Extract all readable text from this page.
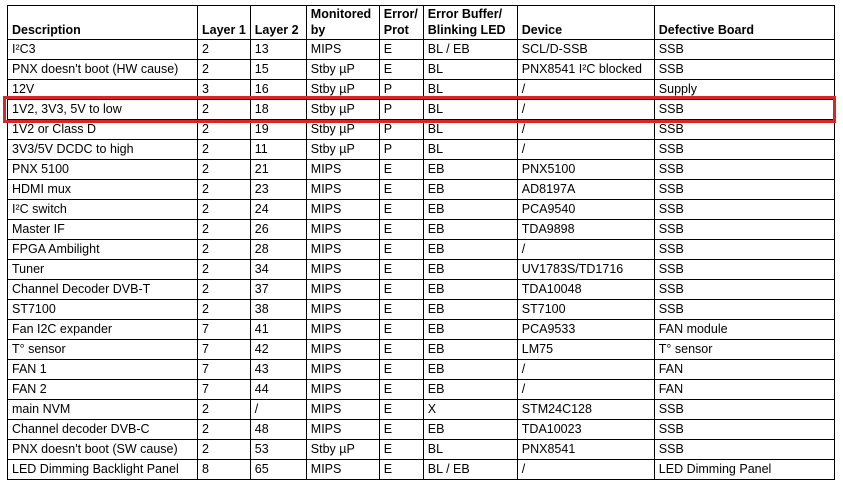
Description	Layer 1	Layer 2	Monitored by	Error/ Prot	Error Buffer/ Blinking LED	Device	Defective Board
I²C3	2	13	MIPS	E	BL / EB	SCL/D-SSB	SSB
PNX doesn't boot (HW cause)	2	15	Stby µP	E	BL	PNX8541 I²C blocked	SSB
12V	3	16	Stby µP	P	BL	/	Supply
1V2, 3V3, 5V to low	2	18	Stby µP	P	BL	/	SSB
1V2 or Class D	2	19	Stby µP	P	BL	/	SSB
3V3/5V DCDC to high	2	11	Stby µP	P	BL	/	SSB
PNX 5100	2	21	MIPS	E	EB	PNX5100	SSB
HDMI mux	2	23	MIPS	E	EB	AD8197A	SSB
I²C switch	2	24	MIPS	E	EB	PCA9540	SSB
Master IF	2	26	MIPS	E	EB	TDA9898	SSB
FPGA Ambilight	2	28	MIPS	E	EB	/	SSB
Tuner	2	34	MIPS	E	EB	UV1783S/TD1716	SSB
Channel Decoder DVB-T	2	37	MIPS	E	EB	TDA10048	SSB
ST7100	2	38	MIPS	E	EB	ST7100	SSB
Fan I2C expander	7	41	MIPS	E	EB	PCA9533	FAN module
T° sensor	7	42	MIPS	E	EB	LM75	T° sensor
FAN 1	7	43	MIPS	E	EB	/	FAN
FAN 2	7	44	MIPS	E	EB	/	FAN
main NVM	2	/	MIPS	E	X	STM24C128	SSB
Channel decoder DVB-C	2	48	MIPS	E	EB	TDA10023	SSB
PNX doesn't boot (SW cause)	2	53	Stby µP	E	BL	PNX8541	SSB
LED Dimming Backlight Panel	8	65	MIPS	E	BL / EB	/	LED Dimming Panel
